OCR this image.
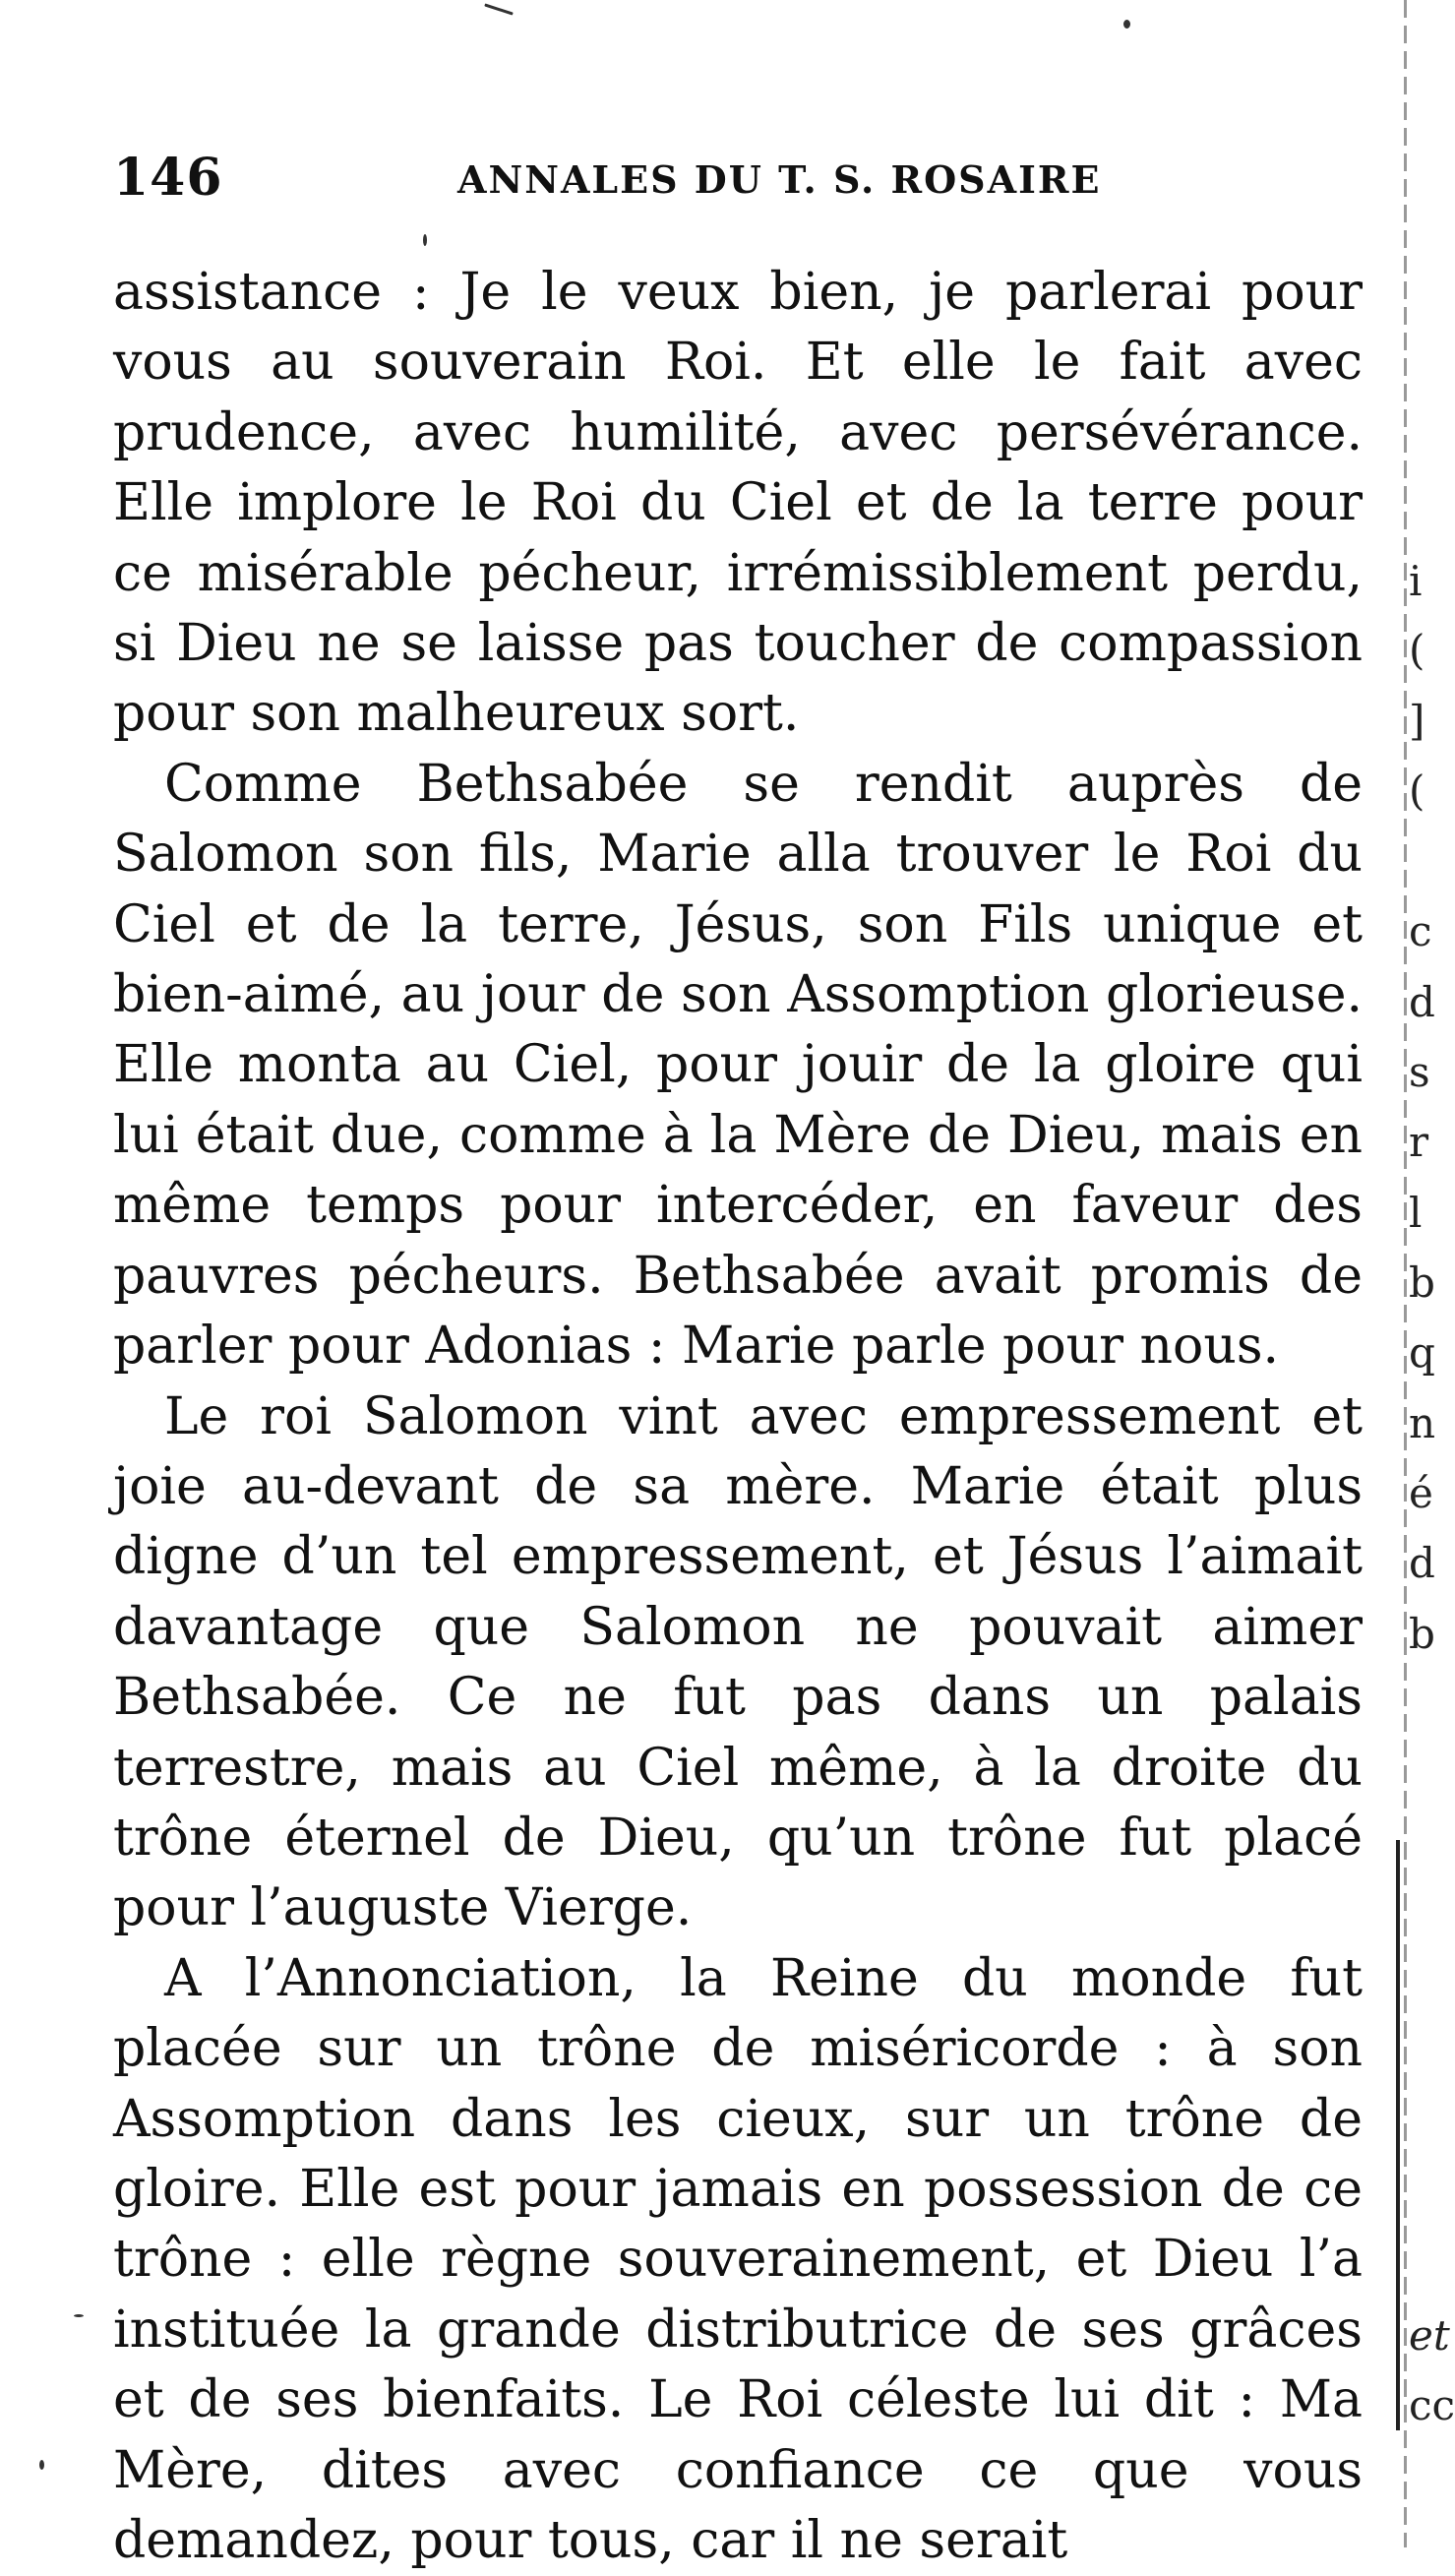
146	ANNALES DU T. S. ROSAIRE

assistance : Je le veux bien, je parlerai pour vous au souverain Roi. Et elle le fait avec prudence, avec humilité, avec persévérance. Elle implore le Roi du Ciel et de la terre pour ce misérable pécheur, irrémissiblement perdu, si Dieu ne se laisse pas toucher de compassion pour son malheureux sort.

Comme Bethsabée se rendit auprès de Salomon son fils, Marie alla trouver le Roi du Ciel et de la terre, Jésus, son Fils unique et bien-aimé, au jour de son Assomption glorieuse. Elle monta au Ciel, pour jouir de la gloire qui lui était due, comme à la Mère de Dieu, mais en même temps pour intercéder, en faveur des pauvres pécheurs. Bethsabée avait promis de parler pour Adonias : Marie parle pour nous.

Le roi Salomon vint avec empressement et joie au-devant de sa mère. Marie était plus digne d’un tel empressement, et Jésus l’aimait davantage que Salomon ne pouvait aimer Bethsabée. Ce ne fut pas dans un palais terrestre, mais au Ciel même, à la droite du trône éternel de Dieu, qu’un trône fut placé pour l’auguste Vierge.

A l’Annonciation, la Reine du monde fut placée sur un trône de miséricorde : à son Assomption dans les cieux, sur un trône de gloire. Elle est pour jamais en possession de ce trône : elle règne souverainement, et Dieu l’a instituée la grande distributrice de ses grâces et de ses bienfaits. Le Roi céleste lui dit : Ma Mère, dites avec confiance ce que vous demandez, pour tous, car il ne serait

i
(
]
(
c
d
s
r
l
b
q
n
é
d
b
et
cc
